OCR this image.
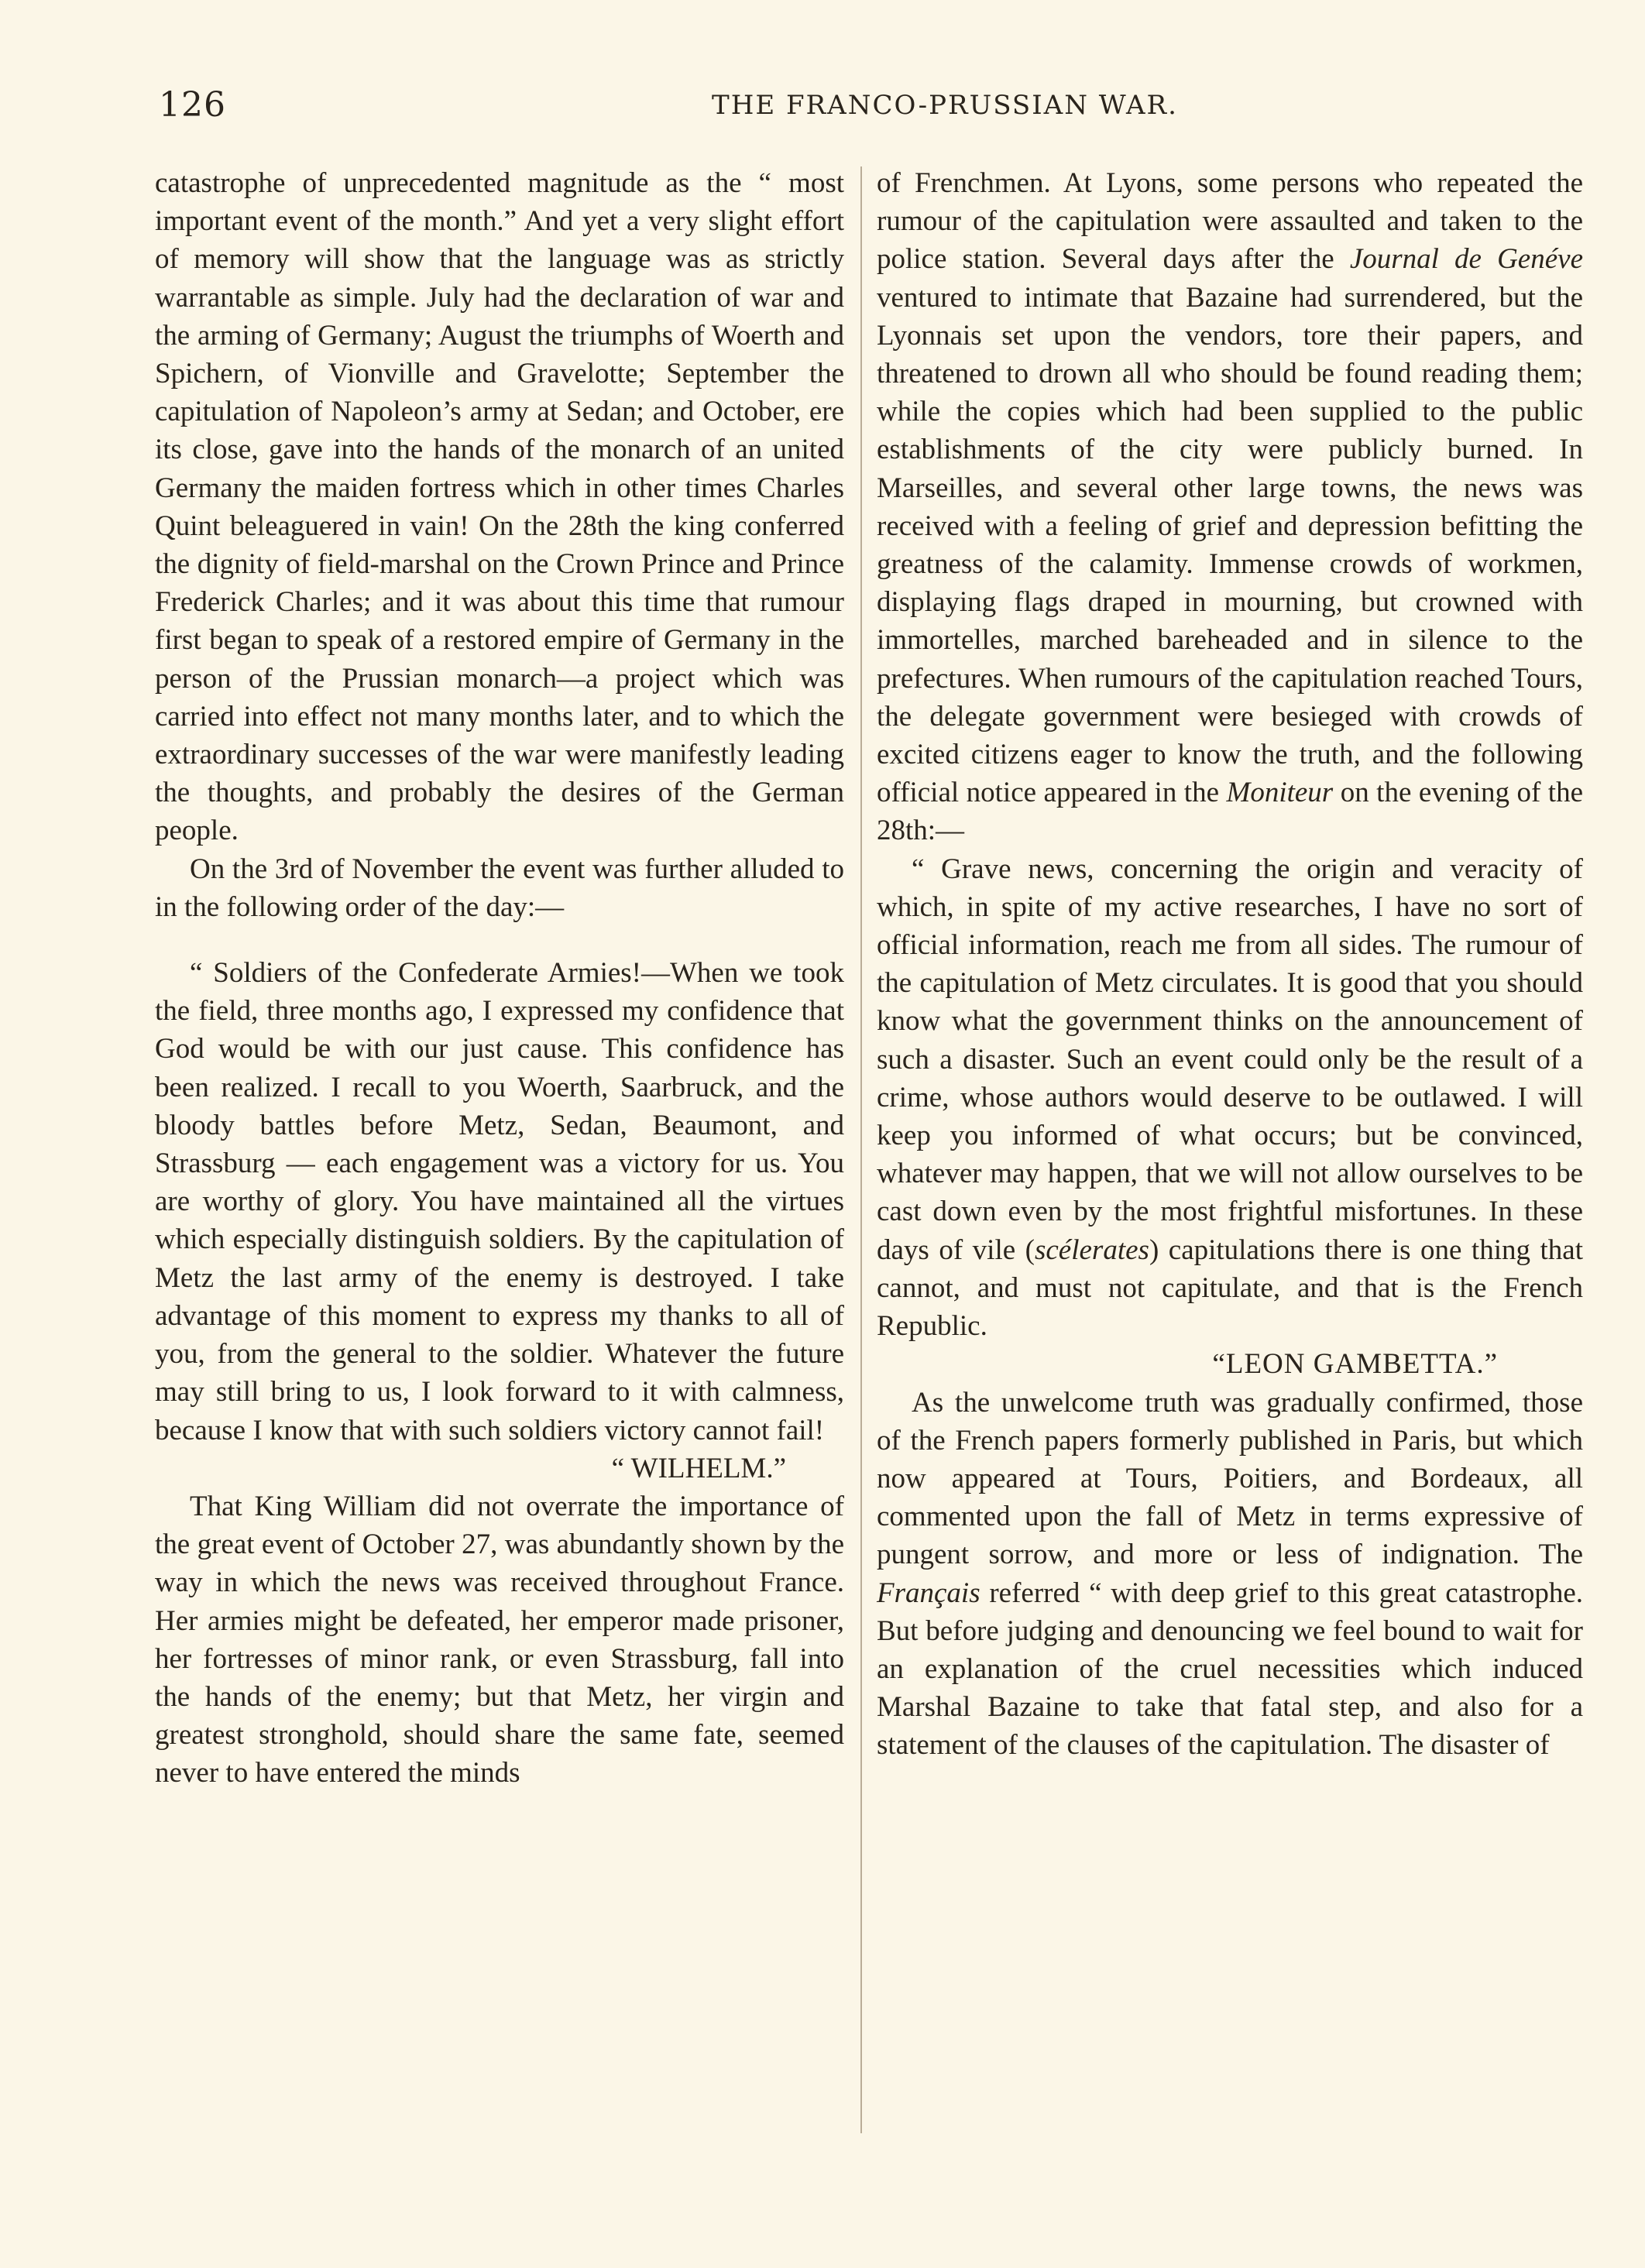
126	THE FRANCO-PRUSSIAN WAR.

catastrophe of unprecedented magnitude as the “ most important event of the month.” And yet a very slight effort of memory will show that the language was as strictly warrantable as simple. July had the declaration of war and the arming of Germany; August the triumphs of Woerth and Spichern, of Vionville and Gravelotte; September the capitulation of Napoleon’s army at Sedan; and October, ere its close, gave into the hands of the monarch of an united Germany the maiden fortress which in other times Charles Quint beleaguered in vain! On the 28th the king conferred the dignity of field-marshal on the Crown Prince and Prince Frederick Charles; and it was about this time that rumour first began to speak of a restored empire of Germany in the person of the Prussian monarch—a project which was carried into effect not many months later, and to which the extraordinary successes of the war were manifestly leading the thoughts, and probably the desires of the German people.

On the 3rd of November the event was further alluded to in the following order of the day:—

“ Soldiers of the Confederate Armies!—When we took the field, three months ago, I expressed my confidence that God would be with our just cause. This confidence has been realized. I recall to you Woerth, Saarbruck, and the bloody battles before Metz, Sedan, Beaumont, and Strassburg — each engagement was a victory for us. You are worthy of glory. You have maintained all the virtues which especially distinguish soldiers. By the capitulation of Metz the last army of the enemy is destroyed. I take advantage of this moment to express my thanks to all of you, from the general to the soldier. Whatever the future may still bring to us, I look forward to it with calmness, because I know that with such soldiers victory cannot fail!

“ WILHELM.”

That King William did not overrate the importance of the great event of October 27, was abundantly shown by the way in which the news was received throughout France. Her armies might be defeated, her emperor made prisoner, her fortresses of minor rank, or even Strassburg, fall into the hands of the enemy; but that Metz, her virgin and greatest stronghold, should share the same fate, seemed never to have entered the minds

of Frenchmen. At Lyons, some persons who repeated the rumour of the capitulation were assaulted and taken to the police station. Several days after the Journal de Genéve ventured to intimate that Bazaine had surrendered, but the Lyonnais set upon the vendors, tore their papers, and threatened to drown all who should be found reading them; while the copies which had been supplied to the public establishments of the city were publicly burned. In Marseilles, and several other large towns, the news was received with a feeling of grief and depression befitting the greatness of the calamity. Immense crowds of workmen, displaying flags draped in mourning, but crowned with immortelles, marched bareheaded and in silence to the prefectures. When rumours of the capitulation reached Tours, the delegate government were besieged with crowds of excited citizens eager to know the truth, and the following official notice appeared in the Moniteur on the evening of the 28th:—

“ Grave news, concerning the origin and veracity of which, in spite of my active researches, I have no sort of official information, reach me from all sides. The rumour of the capitulation of Metz circulates. It is good that you should know what the government thinks on the announcement of such a disaster. Such an event could only be the result of a crime, whose authors would deserve to be outlawed. I will keep you informed of what occurs; but be convinced, whatever may happen, that we will not allow ourselves to be cast down even by the most frightful misfortunes. In these days of vile (scélerates) capitulations there is one thing that cannot, and must not capitulate, and that is the French Republic.

“LEON GAMBETTA.”

As the unwelcome truth was gradually confirmed, those of the French papers formerly published in Paris, but which now appeared at Tours, Poitiers, and Bordeaux, all commented upon the fall of Metz in terms expressive of pungent sorrow, and more or less of indignation. The Français referred “ with deep grief to this great catastrophe. But before judging and denouncing we feel bound to wait for an explanation of the cruel necessities which induced Marshal Bazaine to take that fatal step, and also for a statement of the clauses of the capitulation. The disaster of
